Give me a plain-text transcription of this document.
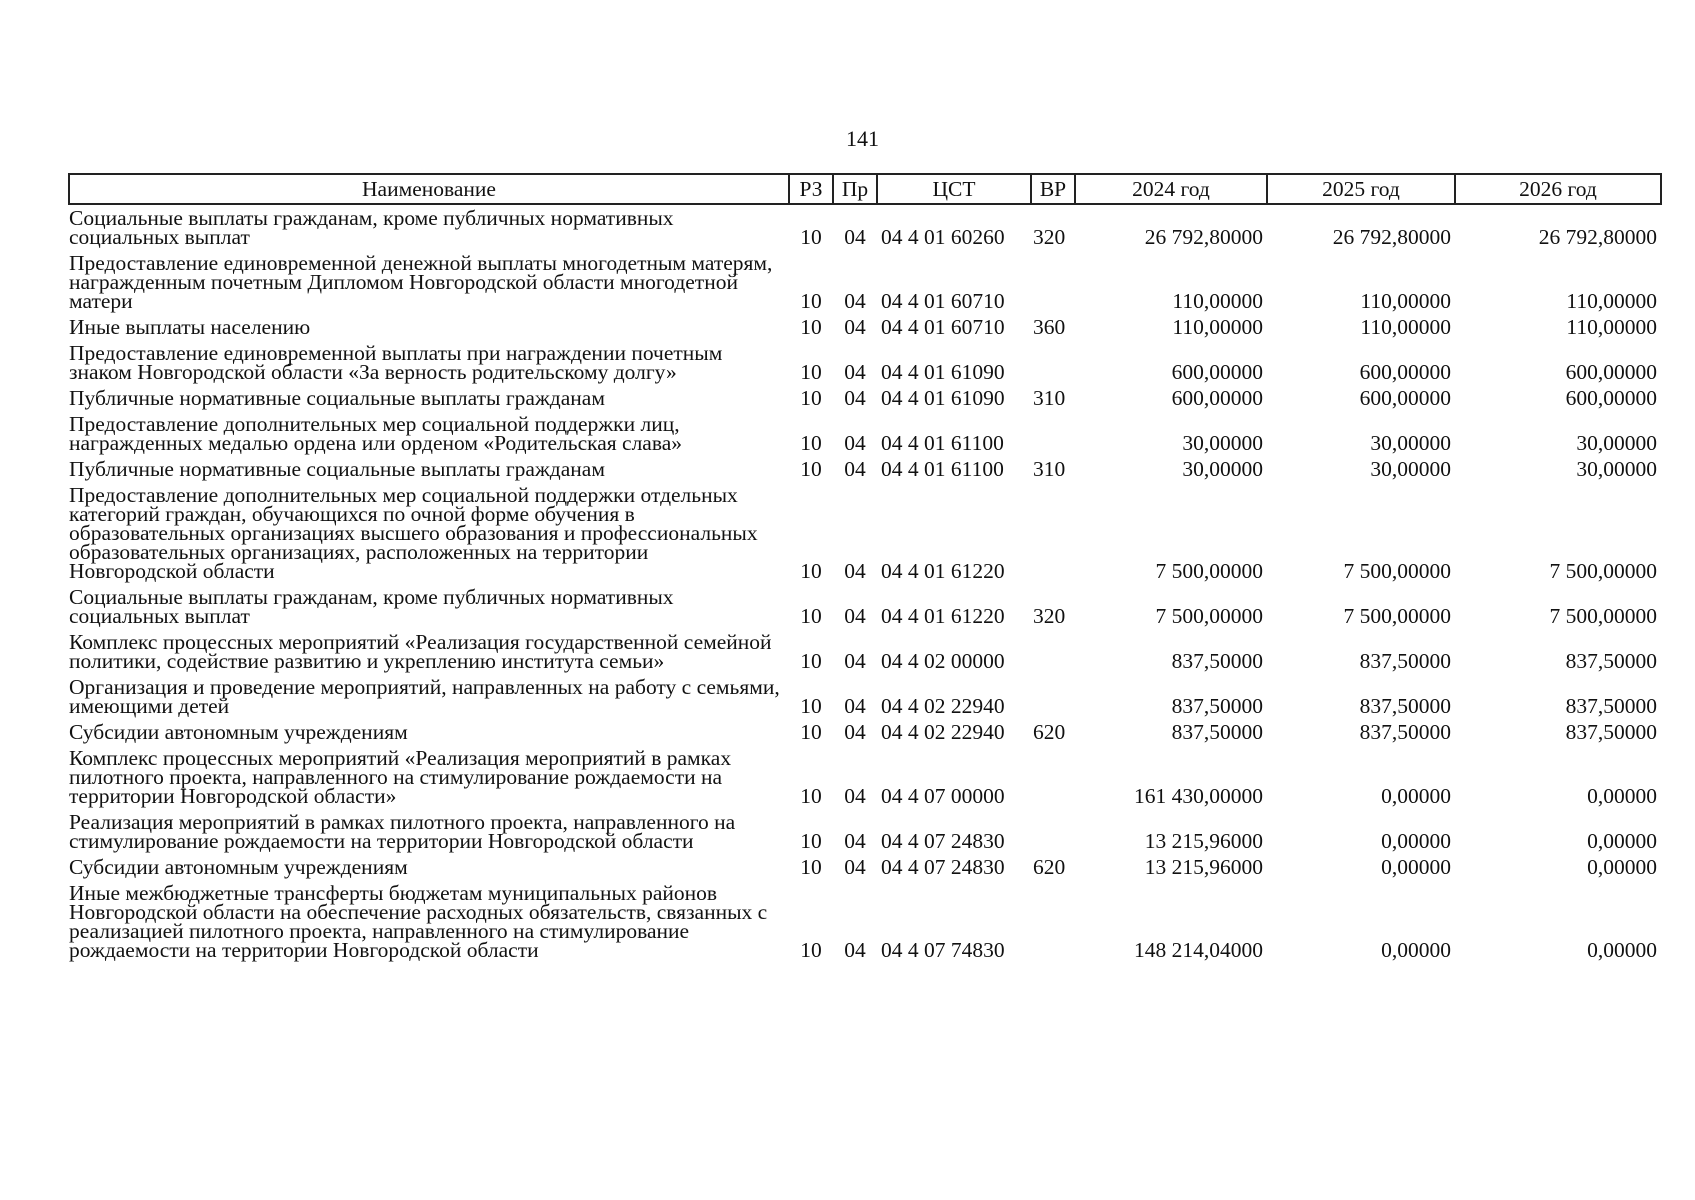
141
Наименование	РЗ	Пр	ЦСТ	ВР	2024 год	2025 год	2026 год
Социальные выплаты гражданам, кроме публичных нормативных социальных выплат	10	04	04 4 01 60260	320	26 792,80000	26 792,80000	26 792,80000
Предоставление единовременной денежной выплаты многодетным матерям, награжденным почетным Дипломом Новгородской области многодетной матери	10	04	04 4 01 60710		110,00000	110,00000	110,00000
Иные выплаты населению	10	04	04 4 01 60710	360	110,00000	110,00000	110,00000
Предоставление единовременной выплаты при награждении почетным знаком Новгородской области «За верность родительскому долгу»	10	04	04 4 01 61090		600,00000	600,00000	600,00000
Публичные нормативные социальные выплаты гражданам	10	04	04 4 01 61090	310	600,00000	600,00000	600,00000
Предоставление дополнительных мер социальной поддержки лиц, награжденных медалью ордена или орденом «Родительская слава»	10	04	04 4 01 61100		30,00000	30,00000	30,00000
Публичные нормативные социальные выплаты гражданам	10	04	04 4 01 61100	310	30,00000	30,00000	30,00000
Предоставление дополнительных мер социальной поддержки отдельных категорий граждан, обучающихся по очной форме обучения в образовательных организациях высшего образования и профессиональных образовательных организациях, расположенных на территории Новгородской области	10	04	04 4 01 61220		7 500,00000	7 500,00000	7 500,00000
Социальные выплаты гражданам, кроме публичных нормативных социальных выплат	10	04	04 4 01 61220	320	7 500,00000	7 500,00000	7 500,00000
Комплекс процессных мероприятий «Реализация государственной семейной политики, содействие развитию и укреплению института семьи»	10	04	04 4 02 00000		837,50000	837,50000	837,50000
Организация и проведение мероприятий, направленных на работу с семьями, имеющими детей	10	04	04 4 02 22940		837,50000	837,50000	837,50000
Субсидии автономным учреждениям	10	04	04 4 02 22940	620	837,50000	837,50000	837,50000
Комплекс процессных мероприятий «Реализация мероприятий в рамках пилотного проекта, направленного на стимулирование рождаемости на территории Новгородской области»	10	04	04 4 07 00000		161 430,00000	0,00000	0,00000
Реализация мероприятий в рамках пилотного проекта, направленного на стимулирование рождаемости на территории Новгородской области	10	04	04 4 07 24830		13 215,96000	0,00000	0,00000
Субсидии автономным учреждениям	10	04	04 4 07 24830	620	13 215,96000	0,00000	0,00000
Иные межбюджетные трансферты бюджетам муниципальных районов Новгородской области на обеспечение расходных обязательств, связанных с реализацией пилотного проекта, направленного на стимулирование рождаемости на территории Новгородской области	10	04	04 4 07 74830		148 214,04000	0,00000	0,00000
